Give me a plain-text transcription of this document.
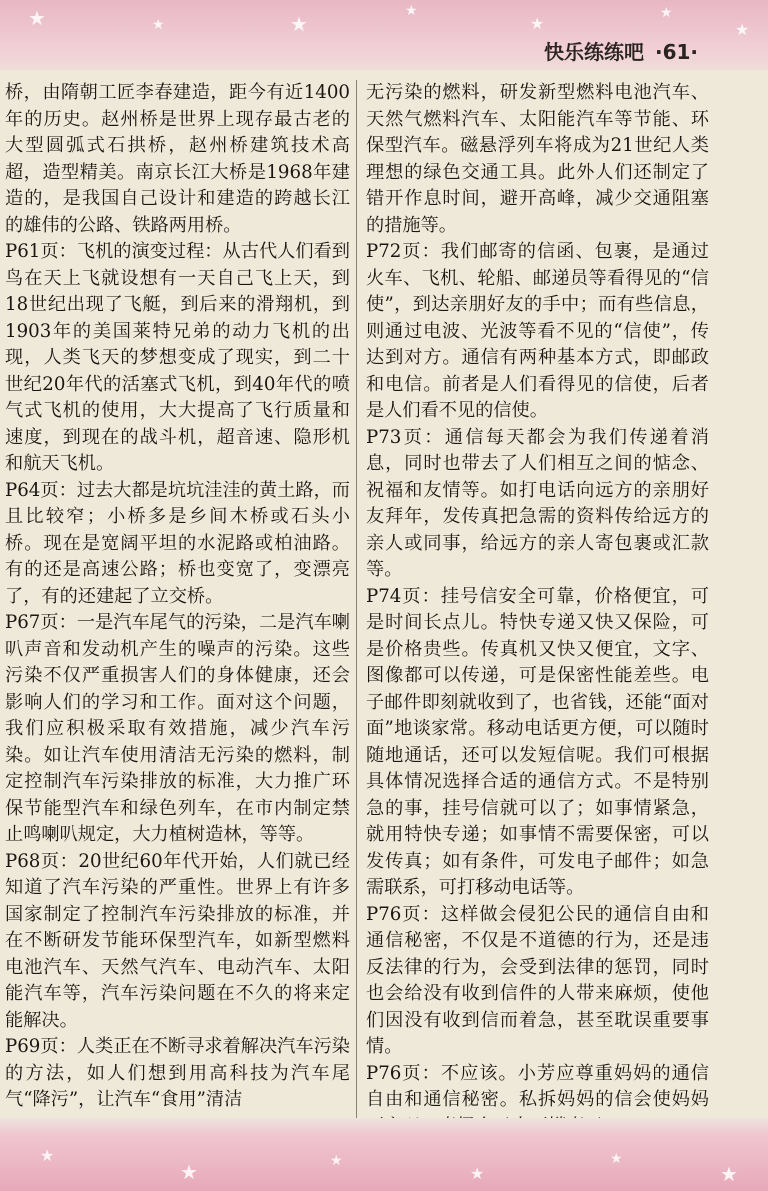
★	★	★
★
★
★
★
快乐练练吧 ·61·

桥，由隋朝工匠李春建造，距今有近1400年的历史。赵州桥是世界上现存最古老的大型圆弧式石拱桥，赵州桥建筑技术高超，造型精美。南京长江大桥是1968年建造的，是我国自己设计和建造的跨越长江的雄伟的公路、铁路两用桥。

P61页：飞机的演变过程：从古代人们看到鸟在天上飞就设想有一天自己飞上天，到18世纪出现了飞艇，到后来的滑翔机，到1903年的美国莱特兄弟的动力飞机的出现，人类飞天的梦想变成了现实，到二十世纪20年代的活塞式飞机，到40年代的喷气式飞机的使用，大大提高了飞行质量和速度，到现在的战斗机，超音速、隐形机和航天飞机。

P64页：过去大都是坑坑洼洼的黄土路，而且比较窄；小桥多是乡间木桥或石头小桥。现在是宽阔平坦的水泥路或柏油路。有的还是高速公路；桥也变宽了，变漂亮了，有的还建起了立交桥。

P67页：一是汽车尾气的污染，二是汽车喇叭声音和发动机产生的噪声的污染。这些污染不仅严重损害人们的身体健康，还会影响人们的学习和工作。面对这个问题，我们应积极采取有效措施，减少汽车污染。如让汽车使用清洁无污染的燃料，制定控制汽车污染排放的标准，大力推广环保节能型汽车和绿色列车，在市内制定禁止鸣喇叭规定，大力植树造林，等等。

P68页：20世纪60年代开始，人们就已经知道了汽车污染的严重性。世界上有许多国家制定了控制汽车污染排放的标准，并在不断研发节能环保型汽车，如新型燃料电池汽车、天然气汽车、电动汽车、太阳能汽车等，汽车污染问题在不久的将来定能解决。

P69页：人类正在不断寻求着解决汽车污染的方法，如人们想到用高科技为汽车尾气“降污”，让汽车“食用”清洁

无污染的燃料，研发新型燃料电池汽车、天然气燃料汽车、太阳能汽车等节能、环保型汽车。磁悬浮列车将成为21世纪人类理想的绿色交通工具。此外人们还制定了错开作息时间，避开高峰，减少交通阻塞的措施等。

P72页：我们邮寄的信函、包裹，是通过火车、飞机、轮船、邮递员等看得见的“信使”，到达亲朋好友的手中；而有些信息，则通过电波、光波等看不见的“信使”，传达到对方。通信有两种基本方式，即邮政和电信。前者是人们看得见的信使，后者是人们看不见的信使。

P73页：通信每天都会为我们传递着消息，同时也带去了人们相互之间的惦念、祝福和友情等。如打电话向远方的亲朋好友拜年，发传真把急需的资料传给远方的亲人或同事，给远方的亲人寄包裹或汇款等。

P74页：挂号信安全可靠，价格便宜，可是时间长点儿。特快专递又快又保险，可是价格贵些。传真机又快又便宜，文字、图像都可以传递，可是保密性能差些。电子邮件即刻就收到了，也省钱，还能“面对面”地谈家常。移动电话更方便，可以随时随地通话，还可以发短信呢。我们可根据具体情况选择合适的通信方式。不是特别急的事，挂号信就可以了；如事情紧急，就用特快专递；如事情不需要保密，可以发传真；如有条件，可发电子邮件；如急需联系，可打移动电话等。

P76页：这样做会侵犯公民的通信自由和通信秘密，不仅是不道德的行为，还是违反法律的行为，会受到法律的惩罚，同时也会给没有收到信件的人带来麻烦，使他们因没有收到信而着急，甚至耽误重要事情。

P76页：不应该。小芳应尊重妈妈的通信自由和通信秘密。私拆妈妈的信会使妈妈

★
★	★
★
★
★
